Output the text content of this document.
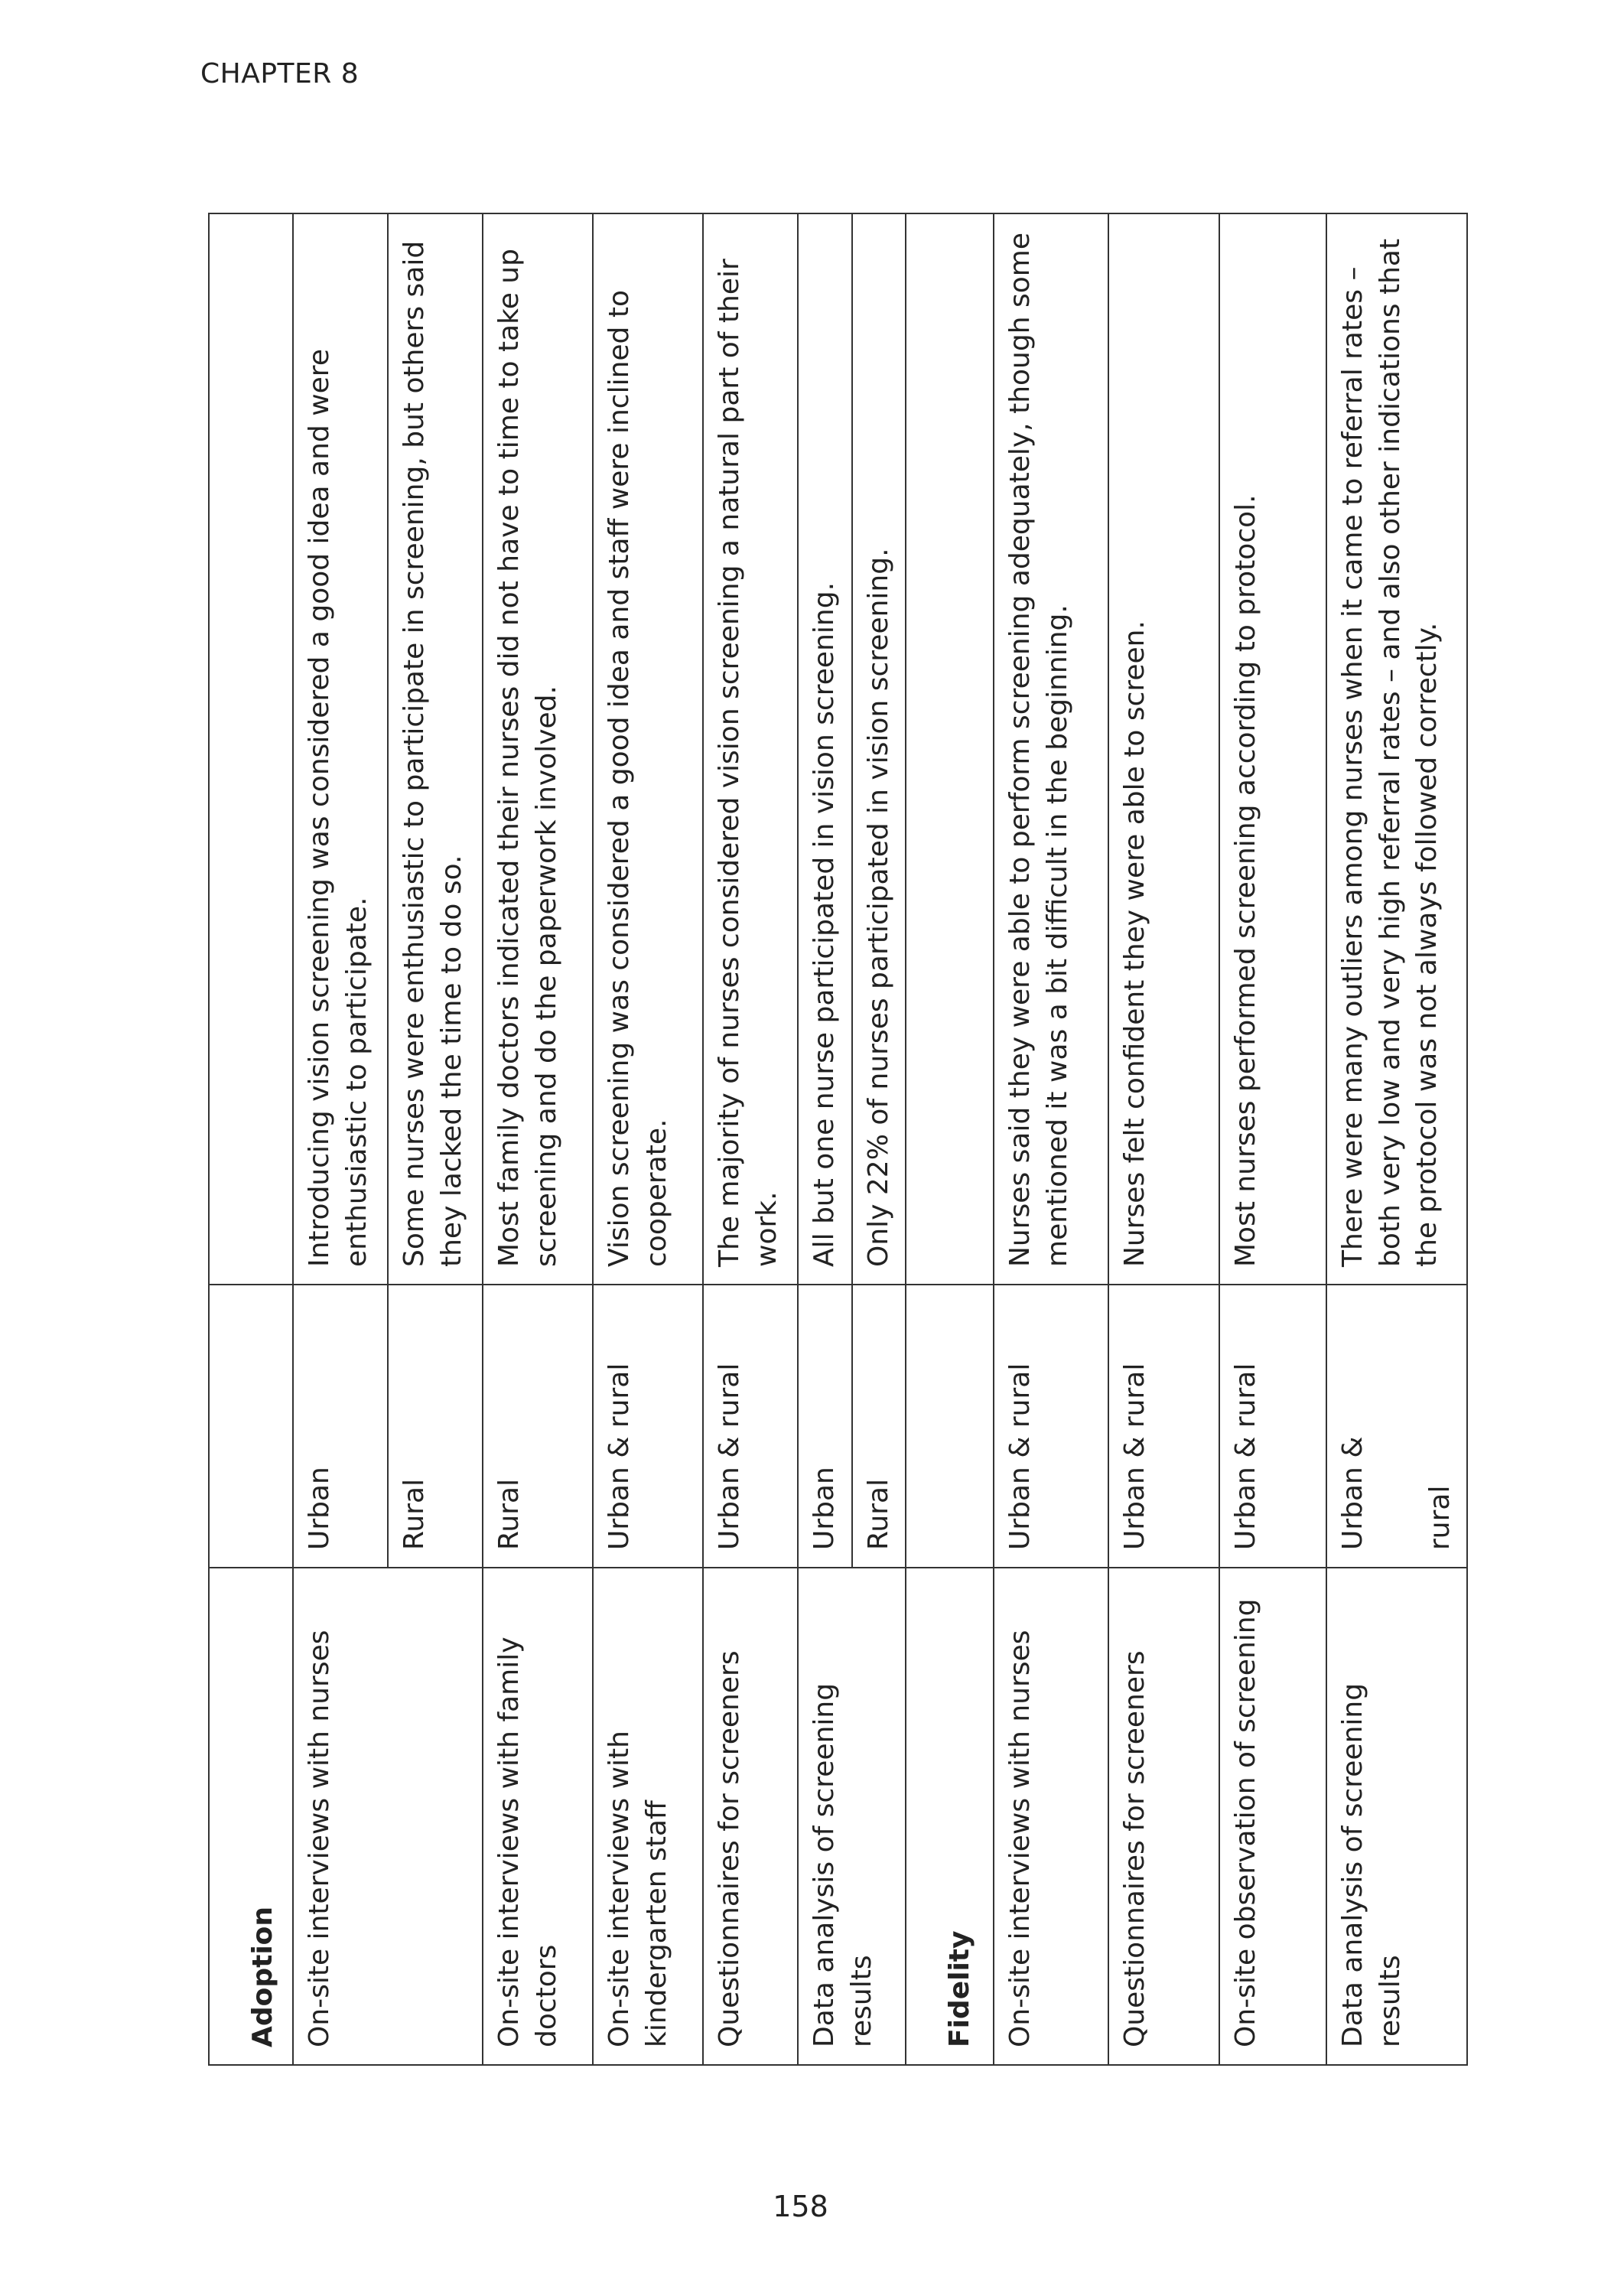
CHAPTER 8
Adoption		
On-site interviews with nurses	Urban	Introducing vision screening was considered a good idea and were enthusiastic to participate.
	Rural	Some nurses were enthusiastic to participate in screening, but others said they lacked the time to do so.
On-site interviews with family doctors	Rural	Most family doctors indicated their nurses did not have to time to take up screening and do the paperwork involved.
On-site interviews with kindergarten staff	Urban & rural	Vision screening was considered a good idea and staff were inclined to cooperate.
Questionnaires for screeners	Urban & rural	The majority of nurses considered vision screening a natural part of their work.
Data analysis of screening results	Urban	All but one nurse participated in vision screening.
	Rural	Only 22% of nurses participated in vision screening.
Fidelity		
On-site interviews with nurses	Urban & rural	Nurses said they were able to perform screening adequately, though some mentioned it was a bit difficult in the beginning.
Questionnaires for screeners	Urban & rural	Nurses felt confident they were able to screen.
On-site observation of screening	Urban & rural	Most nurses performed screening according to protocol.
Data analysis of screening results	Urban & rural	There were many outliers among nurses when it came to referral rates – both very low and very high referral rates – and also other indications that the protocol was not always followed correctly.
158
